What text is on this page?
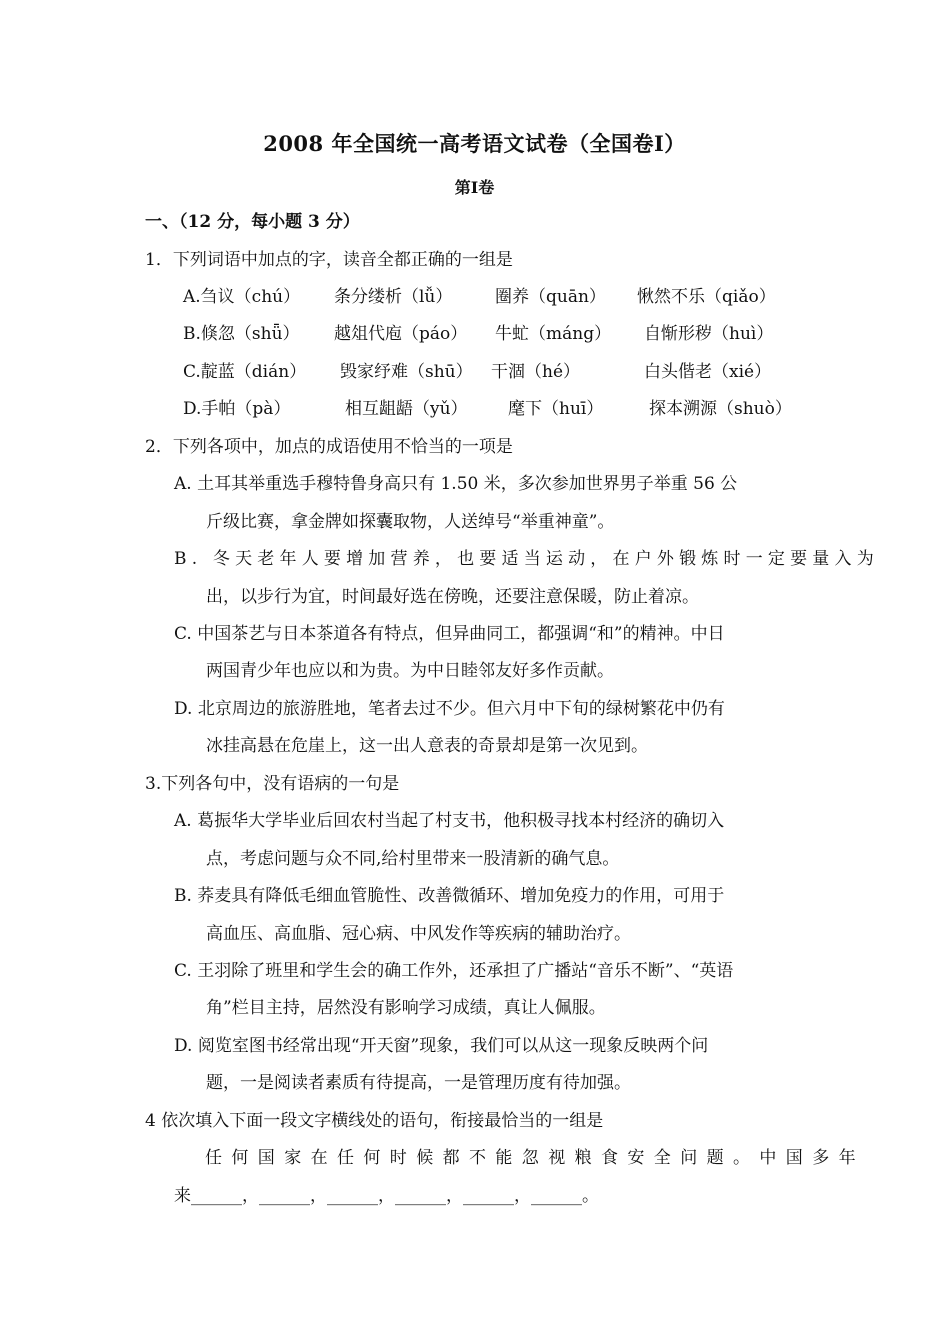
2008 年全国统一高考语文试卷（全国卷I）
第I卷
一、（12 分，每小题 3 分）
1．下列词语中加点的字，读音全都正确的一组是
A.刍议（chú） 条分缕析（lǚ）	圈养（quān） 愀然不乐（qiǎo）
B.倏忽（shǖ） 越俎代庖（páo） 牛虻（máng） 自惭形秽（huì）
C.靛蓝（dián） 毁家纾难（shū） 干涸（hé）	白头偕老（xié）
D.手帕（pà）	相互龃龉（yǔ） 麾下（huī）	探本溯源（shuò）
2．下列各项中，加点的成语使用不恰当的一项是
A. 土耳其举重选手穆特鲁身高只有 1.50 米，多次参加世界男子举重 56 公
斤级比赛，拿金牌如探囊取物，人送绰号“举重神童”。
B. 冬天老年人要增加营养，也要适当运动，在户外锻炼时一定要量入为
出，以步行为宜，时间最好选在傍晚，还要注意保暖，防止着凉。
C. 中国茶艺与日本茶道各有特点，但异曲同工，都强调“和”的精神。中日
两国青少年也应以和为贵。为中日睦邻友好多作贡献。
D. 北京周边的旅游胜地，笔者去过不少。但六月中下旬的绿树繁花中仍有
冰挂高悬在危崖上，这一出人意表的奇景却是第一次见到。
3.下列各句中，没有语病的一句是
A. 葛振华大学毕业后回农村当起了村支书，他积极寻找本村经济的确切入
点，考虑问题与众不同,给村里带来一股清新的确气息。
B. 荞麦具有降低毛细血管脆性、改善微循环、增加免疫力的作用，可用于
高血压、高血脂、冠心病、中风发作等疾病的辅助治疗。
C. 王羽除了班里和学生会的确工作外，还承担了广播站“音乐不断”、“英语
角”栏目主持，居然没有影响学习成绩，真让人佩服。
D. 阅览室图书经常出现“开天窗”现象，我们可以从这一现象反映两个问
题，一是阅读者素质有待提高，一是管理历度有待加强。
4 依次填入下面一段文字横线处的语句，衔接最恰当的一组是
任何国家在任何时候都不能忽视粮食安全问题。中国多年
来______，______，______，______，______，______。
